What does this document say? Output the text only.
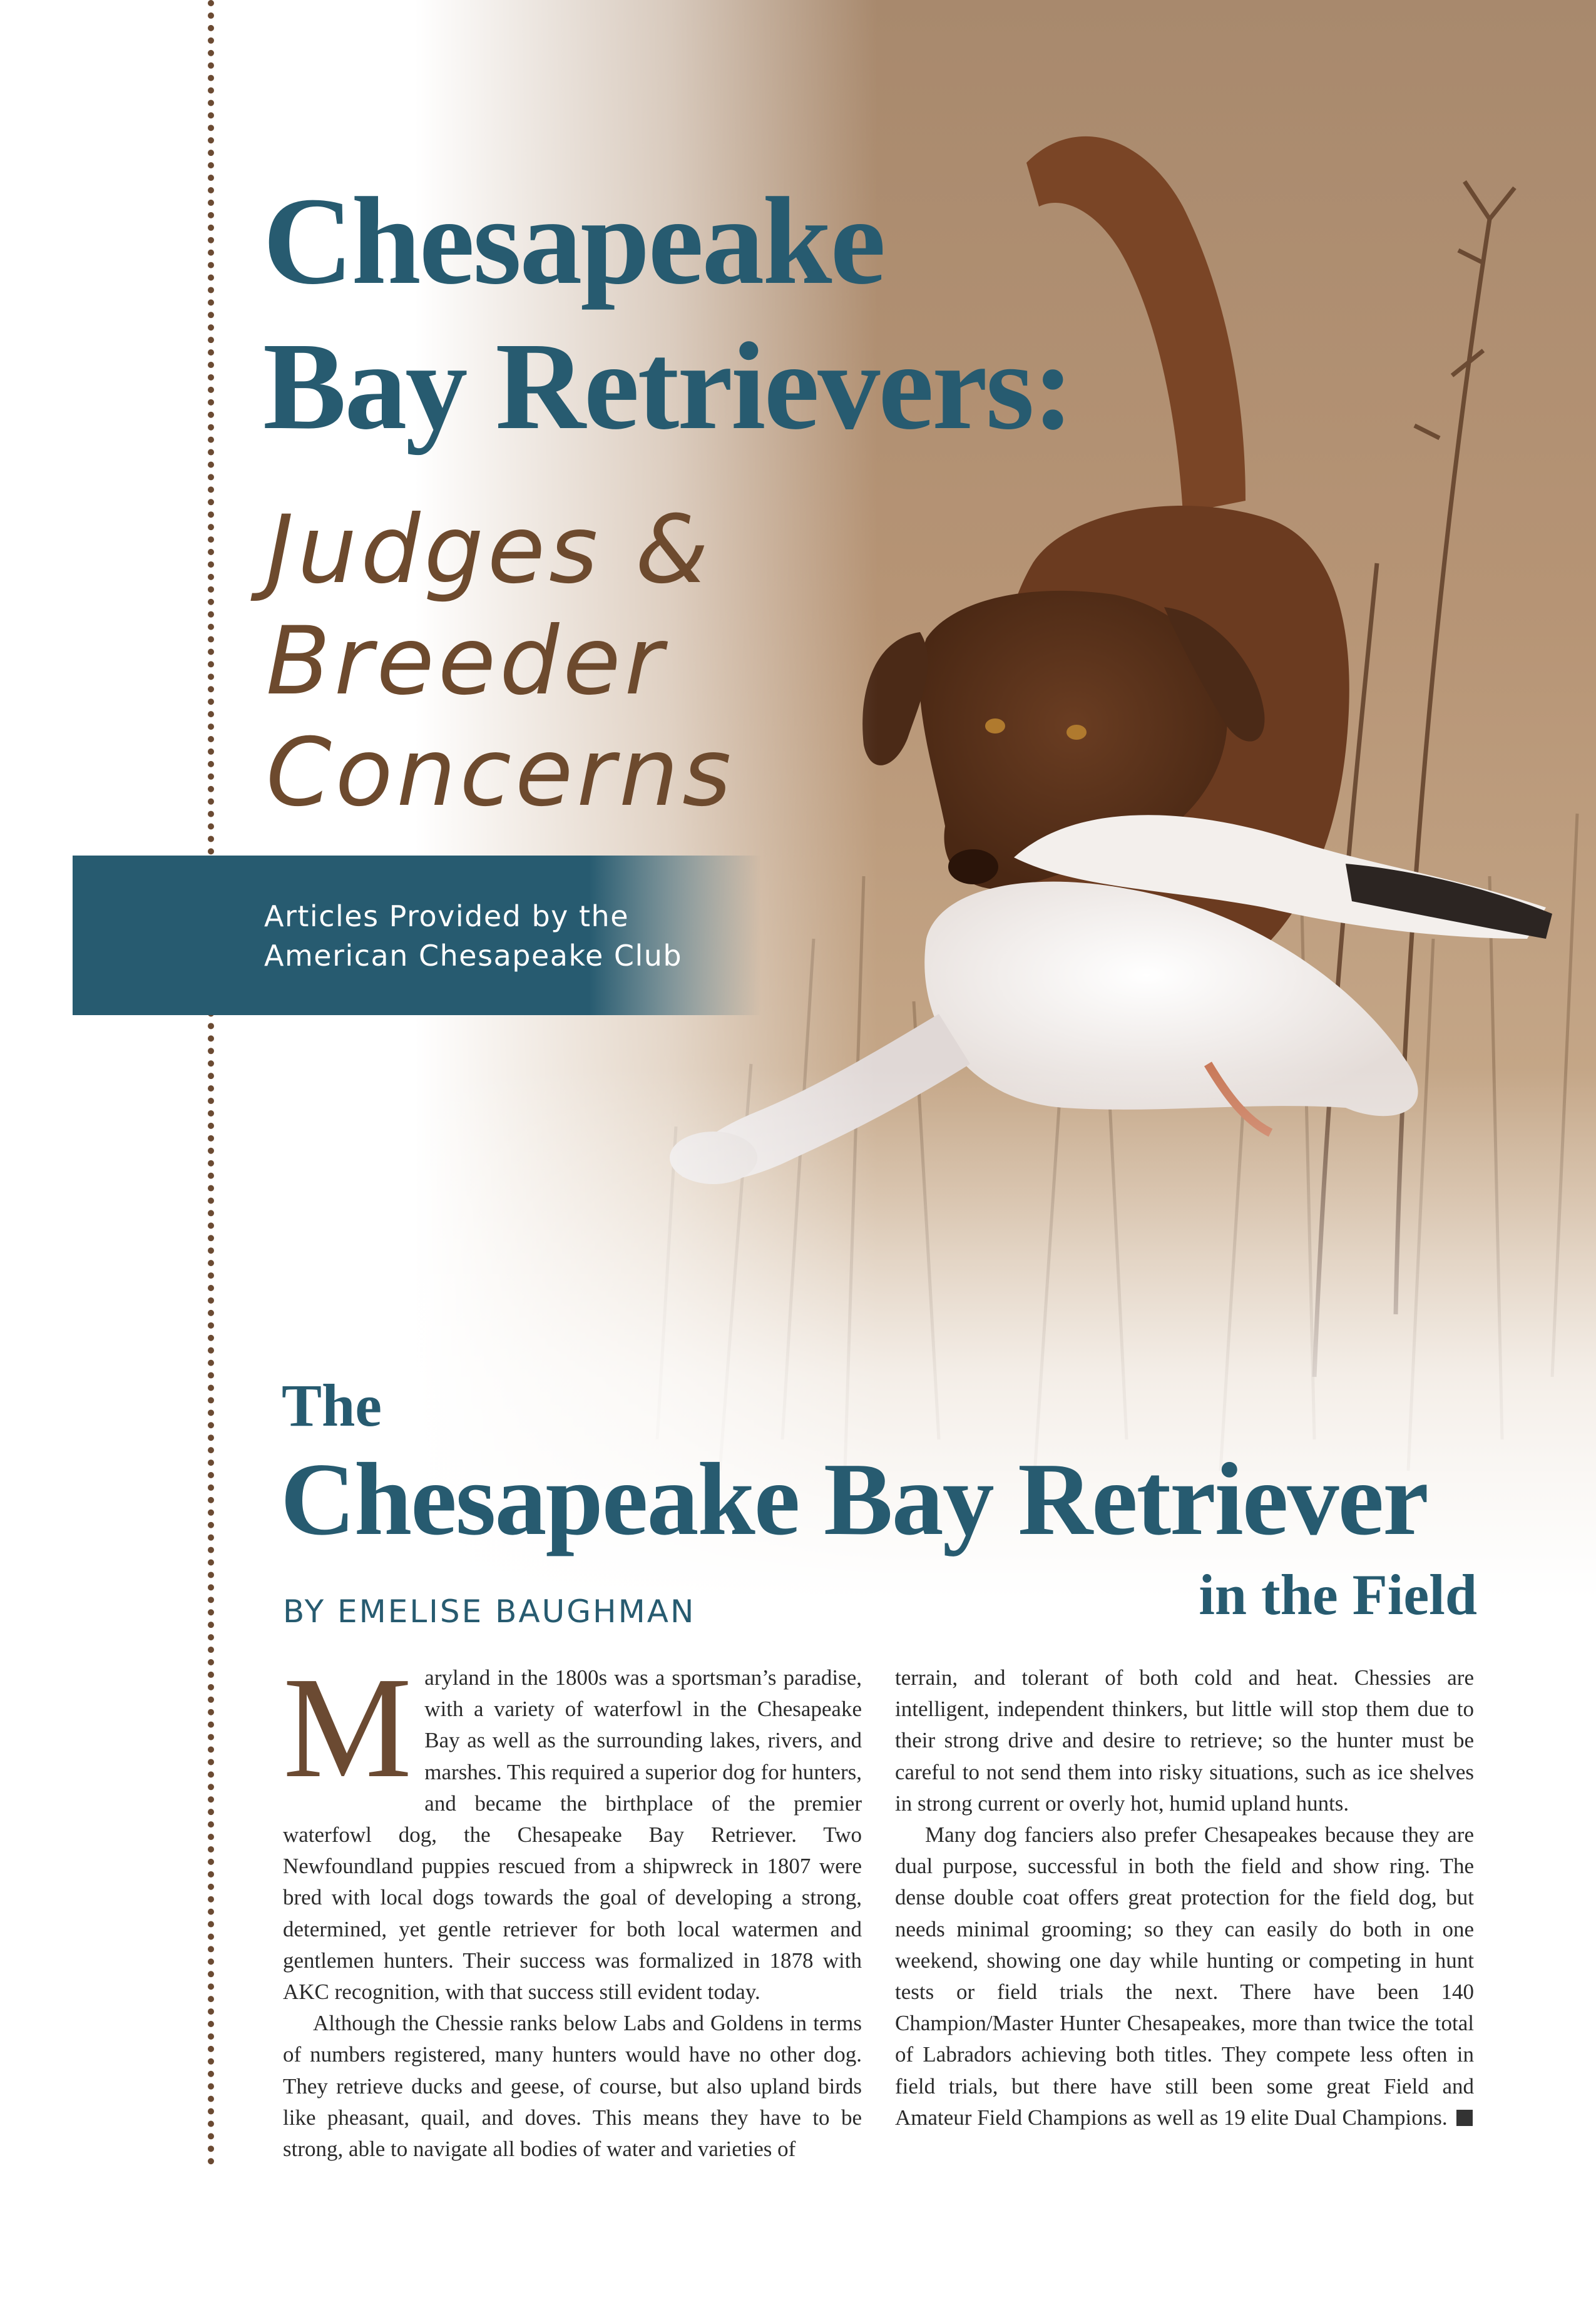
Chesapeake
Bay Retrievers:
Judges &
Breeder
Concerns
Articles Provided by the
American Chesapeake Club
The
Chesapeake Bay Retriever
in the Field
BY EMELISE BAUGHMAN

Maryland in the 1800s was a sportsman’s paradise, with a variety of waterfowl in the Chesapeake Bay as well as the surrounding lakes, rivers, and marshes. This required a superior dog for hunters, and became the birthplace of the premier waterfowl dog, the Chesapeake Bay Retriever. Two Newfoundland puppies rescued from a shipwreck in 1807 were bred with local dogs towards the goal of developing a strong, determined, yet gentle retriever for both local watermen and gentlemen hunters. Their success was formalized in 1878 with AKC recognition, with that success still evident today.

Although the Chessie ranks below Labs and Goldens in terms of numbers registered, many hunters would have no other dog. They retrieve ducks and geese, of course, but also upland birds like pheasant, quail, and doves. This means they have to be strong, able to navigate all bodies of water and varieties of

terrain, and tolerant of both cold and heat. Chessies are intelligent, independent thinkers, but little will stop them due to their strong drive and desire to retrieve; so the hunter must be careful to not send them into risky situations, such as ice shelves in strong current or overly hot, humid upland hunts.

Many dog fanciers also prefer Chesapeakes because they are dual purpose, successful in both the field and show ring. The dense double coat offers great protection for the field dog, but needs minimal grooming; so they can easily do both in one weekend, showing one day while hunting or competing in hunt tests or field trials the next. There have been 140 Champion/Master Hunter Chesapeakes, more than twice the total of Labradors achieving both titles. They compete less often in field trials, but there have still been some great Field and Amateur Field Champions as well as 19 elite Dual Champions.
